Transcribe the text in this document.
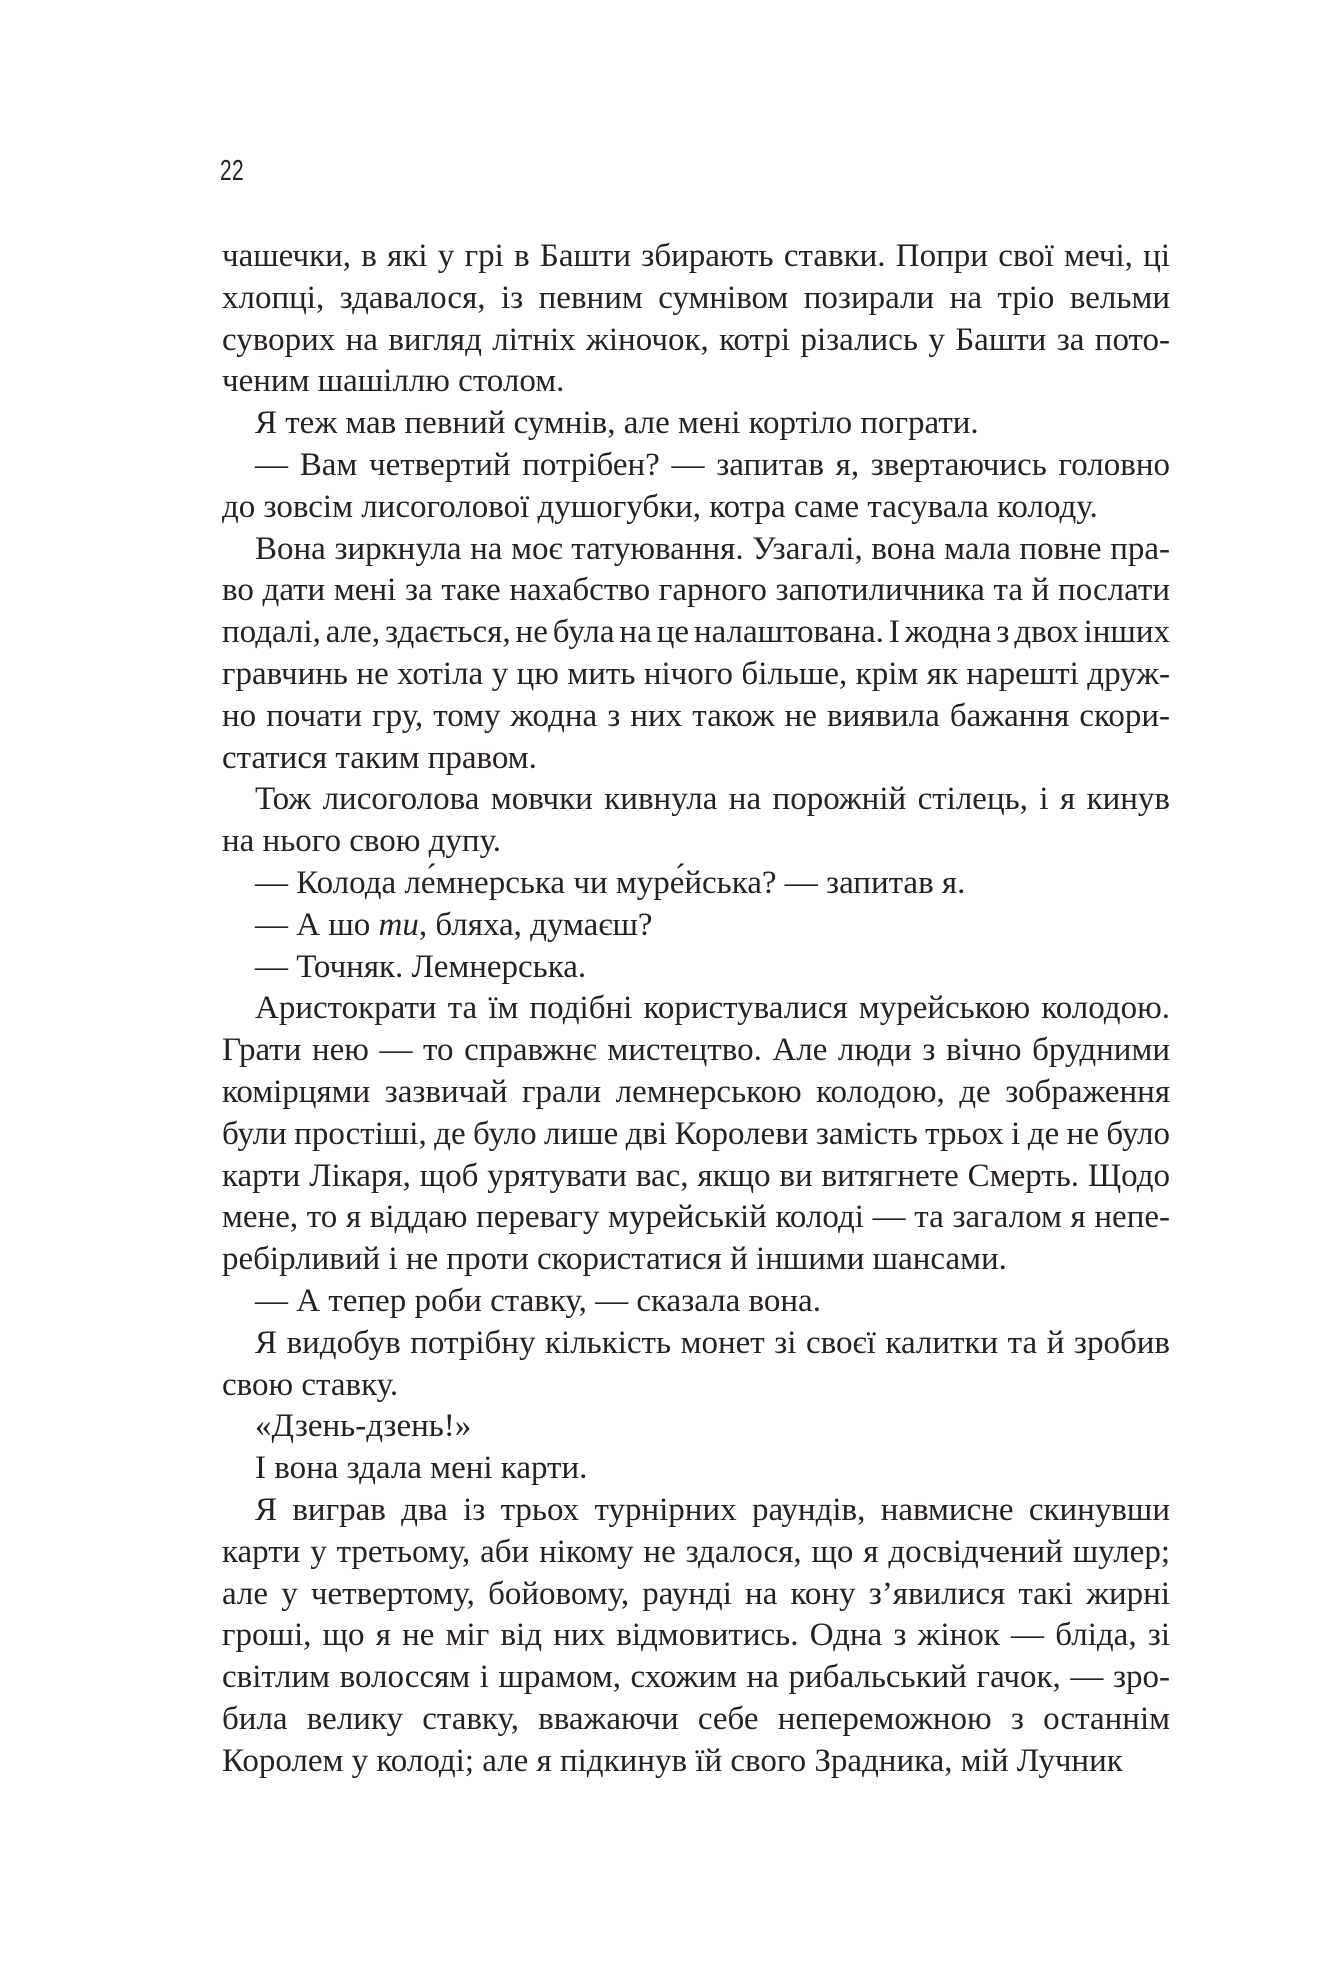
22
чашечки, в які у грі в Башти збирають ставки. Попри свої мечі, ці
хлопці, здавалося, із певним сумнівом позирали на тріо вельми
суворих на вигляд літніх жіночок, котрі різались у Башти за пото-
ченим шашіллю столом.
Я теж мав певний сумнів, але мені кортіло пограти.
— Вам четвертий потрібен? — запитав я, звертаючись головно
до зовсім лисоголової душогубки, котра саме тасувала колоду.
Вона зиркнула на моє татуювання. Узагалі, вона мала повне пра-
во дати мені за таке нахабство гарного запотиличника та й послати
подалі, але, здається, не була на це налаштована. І жодна з двох інших
гравчинь не хотіла у цю мить нічого більше, крім як нарешті друж-
но почати гру, тому жодна з них також не виявила бажання скори-
статися таким правом.
Тож лисоголова мовчки кивнула на порожній стілець, і я кинув
на нього свою дупу.
— Колода ле́мнерська чи муре́йська? — запитав я.
— А шо ти, бляха, думаєш?
— Точняк. Лемнерська.
Аристократи та їм подібні користувалися мурейською колодою.
Грати нею — то справжнє мистецтво. Але люди з вічно брудними
комірцями зазвичай грали лемнерською колодою, де зображення
були простіші, де було лише дві Королеви замість трьох і де не було
карти Лікаря, щоб урятувати вас, якщо ви витягнете Смерть. Щодо
мене, то я віддаю перевагу мурейській колоді — та загалом я непе-
ребірливий і не проти скористатися й іншими шансами.
— А тепер роби ставку, — сказала вона.
Я видобув потрібну кількість монет зі своєї калитки та й зробив
свою ставку.
«Дзень-дзень!»
І вона здала мені карти.
Я виграв два із трьох турнірних раундів, навмисне скинувши
карти у третьому, аби нікому не здалося, що я досвідчений шулер;
але у четвертому, бойовому, раунді на кону з’явилися такі жирні
гроші, що я не міг від них відмовитись. Одна з жінок — бліда, зі
світлим волоссям і шрамом, схожим на рибальський гачок, — зро-
била велику ставку, вважаючи себе непереможною з останнім
Королем у колоді; але я підкинув їй свого Зрадника, мій Лучник
